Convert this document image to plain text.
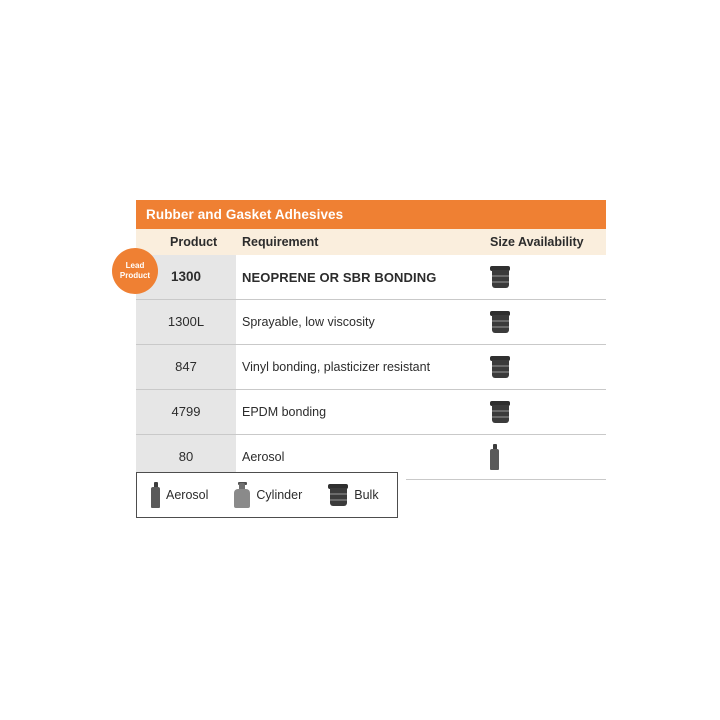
Rubber and Gasket Adhesives
Product	Requirement	Size Availability
1300	NEOPRENE OR SBR BONDING
1300L	Sprayable, low viscosity
847	Vinyl bonding, plasticizer resistant
4799	EPDM bonding
80	Aerosol
Lead
Product
Aerosol	Cylinder	Bulk
